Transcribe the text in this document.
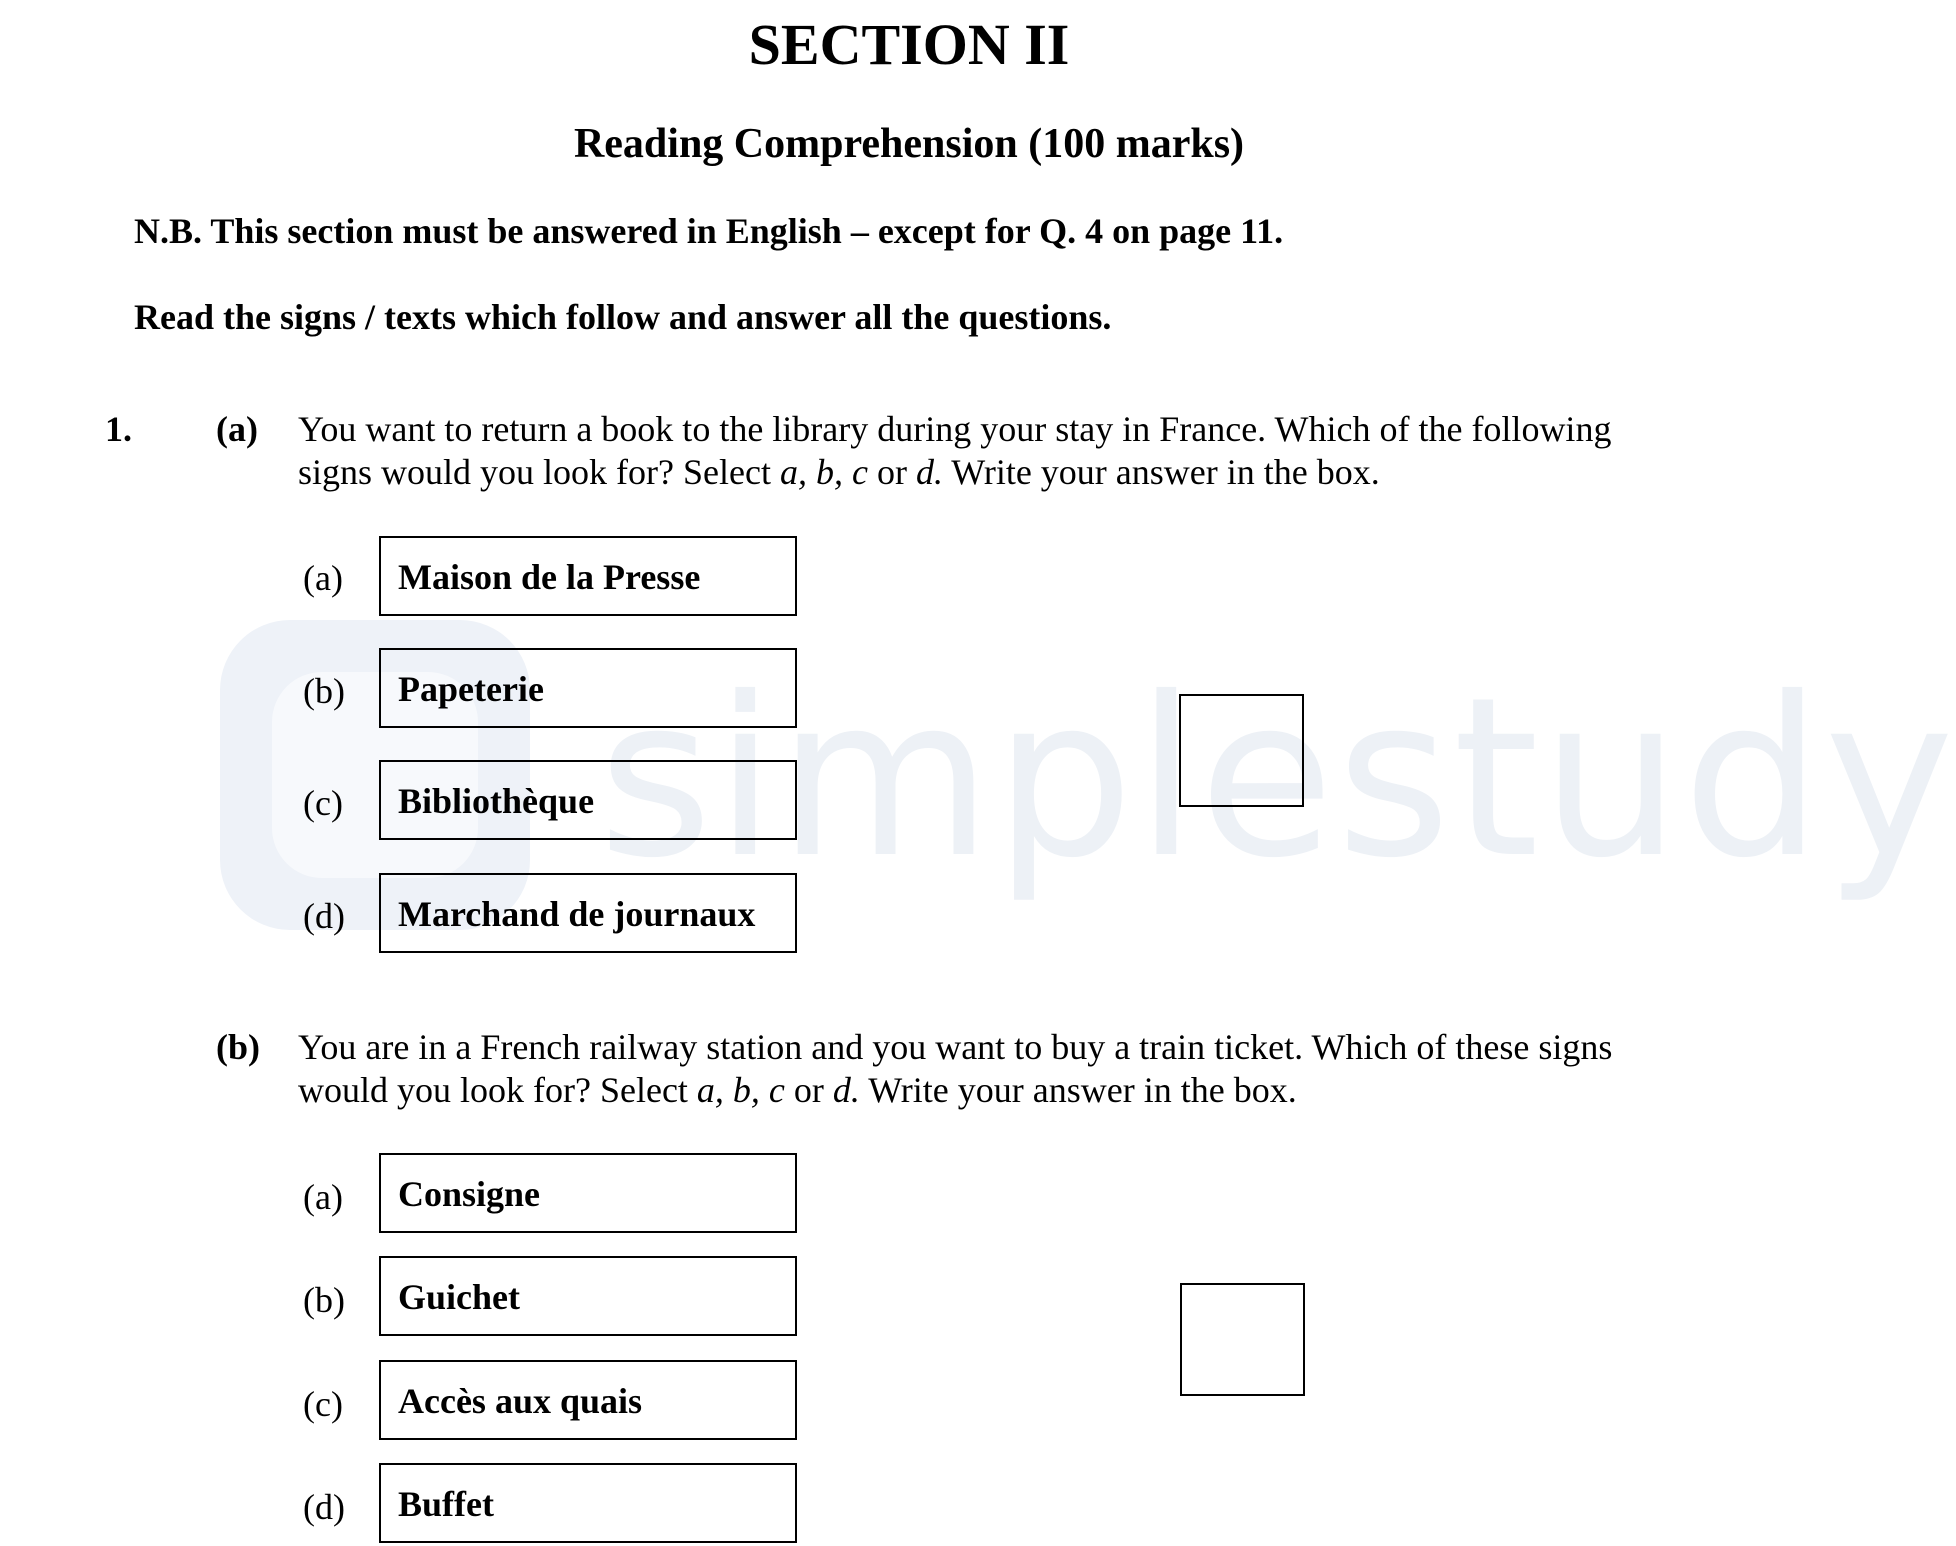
simplestudy
SECTION II
Reading Comprehension (100 marks)
N.B. This section must be answered in English – except for Q. 4 on page 11.
Read the signs / texts which follow and answer all the questions.
1. (a) You want to return a book to the library during your stay in France. Which of the following
signs would you look for? Select a, b, c or d. Write your answer in the box.
(a) Maison de la Presse
(b) Papeterie
(c) Bibliothèque
(d) Marchand de journaux
(b) You are in a French railway station and you want to buy a train ticket. Which of these signs
would you look for? Select a, b, c or d. Write your answer in the box.
(a) Consigne
(b) Guichet
(c) Accès aux quais
(d) Buffet
